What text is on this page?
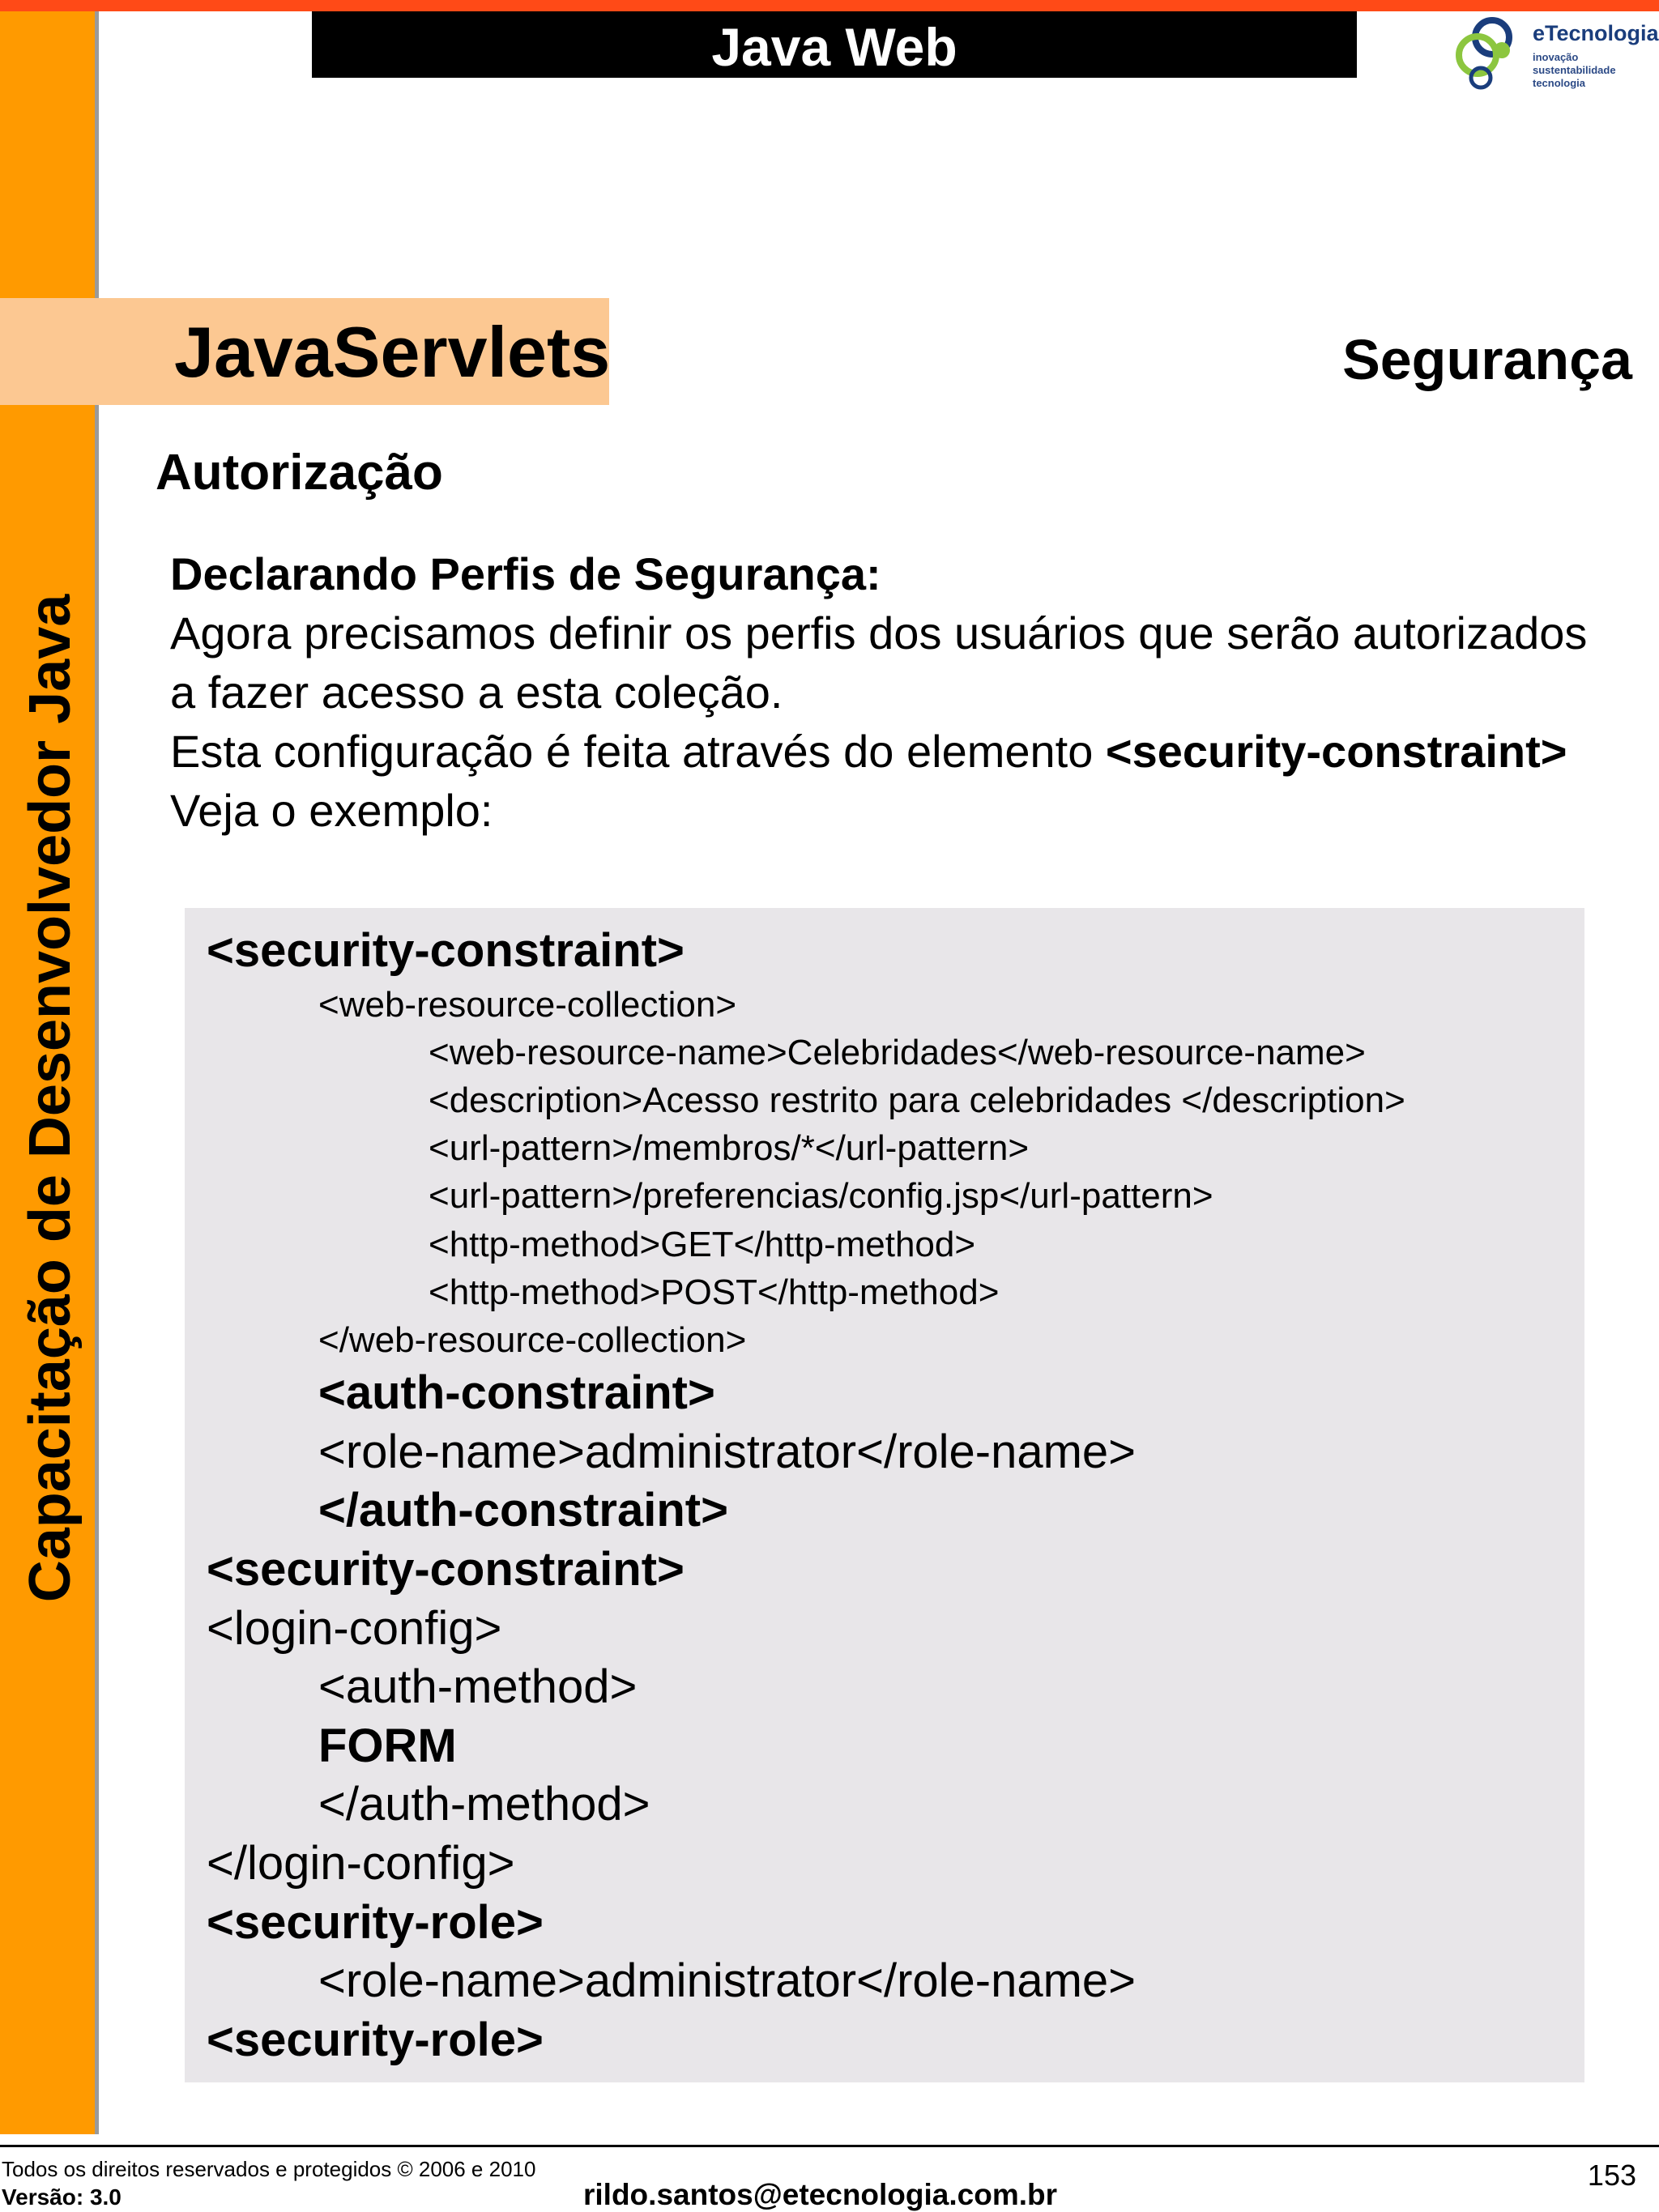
Capacitação de Desenvolvedor Java
Java Web	eTecnologia
inovação
sustentabilidade
tecnologia
JavaServlets	Segurança
Autorização

Declarando Perfis de Segurança:

Agora precisamos definir os perfis dos usuários que serão autorizados a fazer acesso a esta coleção.

Esta configuração é feita através do elemento <security-constraint>

Veja o exemplo:

<security-constraint>
<web-resource-collection>
<web-resource-name>Celebridades</web-resource-name>
<description>Acesso restrito para celebridades </description>
<url-pattern>/membros/*</url-pattern>
<url-pattern>/preferencias/config.jsp</url-pattern>
<http-method>GET</http-method>
<http-method>POST</http-method>
</web-resource-collection>
<auth-constraint>
<role-name>administrator</role-name>
</auth-constraint>
<security-constraint>
<login-config>
<auth-method>
FORM
</auth-method>
</login-config>
<security-role>
<role-name>administrator</role-name>
<security-role>
Todos os direitos reservados e protegidos © 2006 e 2010
Versão: 3.0	rildo.santos@etecnologia.com.br
153
